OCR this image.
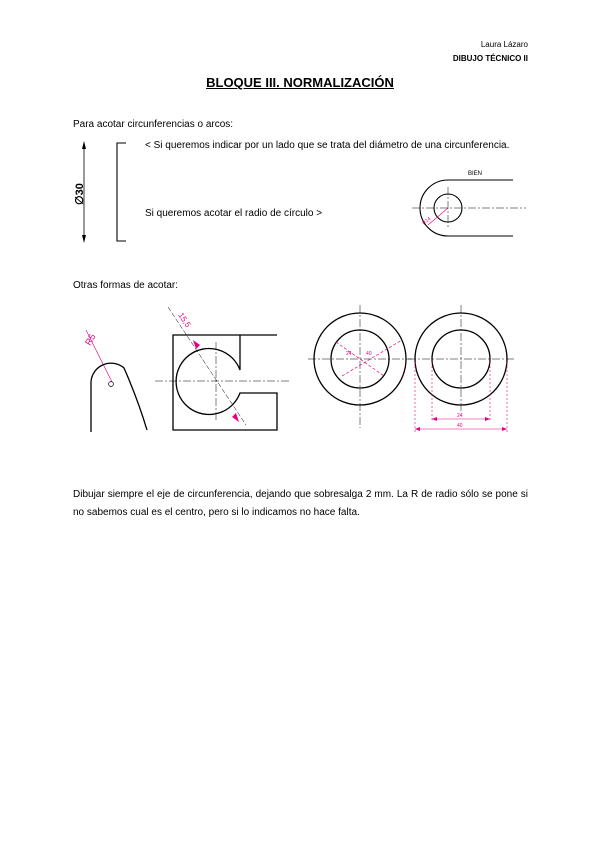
Laura Lázaro
DIBUJO TÉCNICO II
BLOQUE III. NORMALIZACIÓN
Para acotar circunferencias o arcos:
< Si queremos indicar por un lado que se trata del diámetro de una circunferencia.
Si queremos acotar el radio de círculo >
∅30
BIEN
R14
Otras formas de acotar:
R5
15,5
24	40
24
40
Dibujar siempre el eje de circunferencia, dejando que sobresalga 2 mm. La R de radio sólo se pone si no sabemos cual es el centro, pero si lo indicamos no hace falta.
